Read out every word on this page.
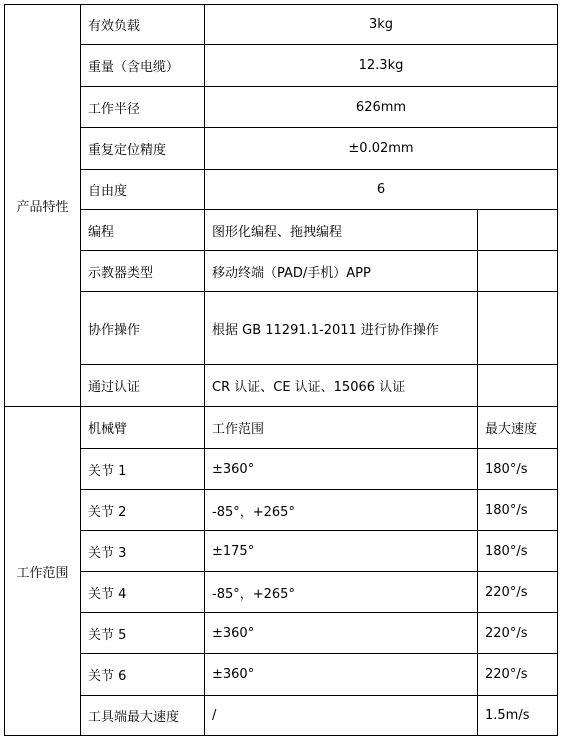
产品特性	有效负载	3kg	
	重量（含电缆）	12.3kg	
	工作半径	626mm	
	重复定位精度	±0.02mm	
	自由度	6	
	编程	图形化编程、拖拽编程	
	示教器类型	移动终端（PAD/手机）APP	
	协作操作	根据 GB 11291.1-2011 进行协作操作	
	通过认证	CR 认证、CE 认证、15066 认证	
工作范围	机械臂	工作范围	最大速度
	关节 1	±360°	180°/s
	关节 2	-85°，+265°	180°/s
	关节 3	±175°	180°/s
	关节 4	-85°，+265°	220°/s
	关节 5	±360°	220°/s
	关节 6	±360°	220°/s
	工具端最大速度	/	1.5m/s
